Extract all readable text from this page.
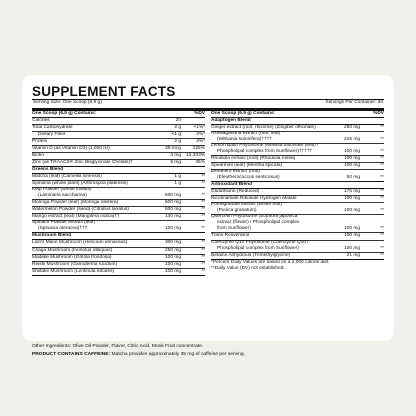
SUPPLEMENT FACTS
Serving Size: One Scoop (6.9 g)	Servings Per Container: 30
One Scoop (6.9 g) Contains:	%DV
Calories	20
Total Carbohydrate	2 g	<1%*
Dietary Fiber	<1 g	2%*
Protein	2 g	4%*
Vitamin D (as Vitamin D3) (1,000 IU)	25 mcg	125%
Biotin	4 mg	13,333%
Zinc (as TRAACS® Zinc Bisglycinate Chelate)†	5 mg	45%
Greens Blend
Matcha (leaf) (Camellia sinensis)	1 g	**
Spirulina (whole plant) (Arthrospira platensis)	1 g	**
Kelp Powder (whole thallus)
(Laminaria saccharina)	500 mg	**
Moringa Powder (leaf) (Moringa oleifera)	500 mg	**
Watermelon Powder (seed) (Citrullus lanatus)	500 mg	**
Mango extract (leaf) (Mangifera indica)††	140 mg	**
Spinach Powder extract (leaf)
(Spinacia oleracea)†††	100 mg	**
Mushroom Blend
Lion's Mane Mushroom (Hericium erinaceus)	300 mg	**
Chaga Mushroom (Inonotus obliquus)	250 mg	**
Maitake Mushroom (Grifola frondosa)	100 mg	**
Reishi Mushroom (Ganoderma lucidum)	100 mg	**
Shiitake Mushroom (Lentinula edodes)	100 mg	**
One Scoop (6.9 g) Contains:	%DV
Adaptogen Blend
Ginger extract (root, rhizome) (Zingiber officinale)	250 mg	**
Ashwagandha extract (root, leaf)
(Withania somnifera)††††	225 mg	**
Lemon Balm Phytosome (Melissa officinalis (leaf) /
Phospholipid complex from Sunflower)†††††	100 mg	**
Rhodiola extract (root) (Rhodiola rosea)	100 mg	**
Spearmint (leaf) (Mentha spicata)	100 mg	**
Eleuthero extract (root)
(Eleutherococcus senticosus)	50 mg	**
Antioxidant Blend
Glutathione (Reduced)	175 mg	**
Nicotinamide Riboside Hydrogen Malate	100 mg	**
Pomegranate extract (whole fruit)
(Punica granatum)	100 mg	**
Quercetin Phytosome (Sophora japonica
extract (flower) / Phospholipid complex
from Sunflower)	100 mg	**
Trans-Resveratrol	100 mg	**
Coenzyme Q10 Phytosome (Coenzyme Q10 /
Phospholipid complex from Sunflower)	100 mg	**
Betaine Anhydrous (Trimethylglycine)	21 mg	**
*Percent Daily Values are based on a 2,000 calorie diet.
**Daily Value (DV) not established.
Other Ingredients: Olive Oil Powder, Flavor, Citric Acid, Monk Fruit concentrate.
PRODUCT CONTAINS CAFFEINE: Matcha provides approximately 35 mg of caffeine per serving.
